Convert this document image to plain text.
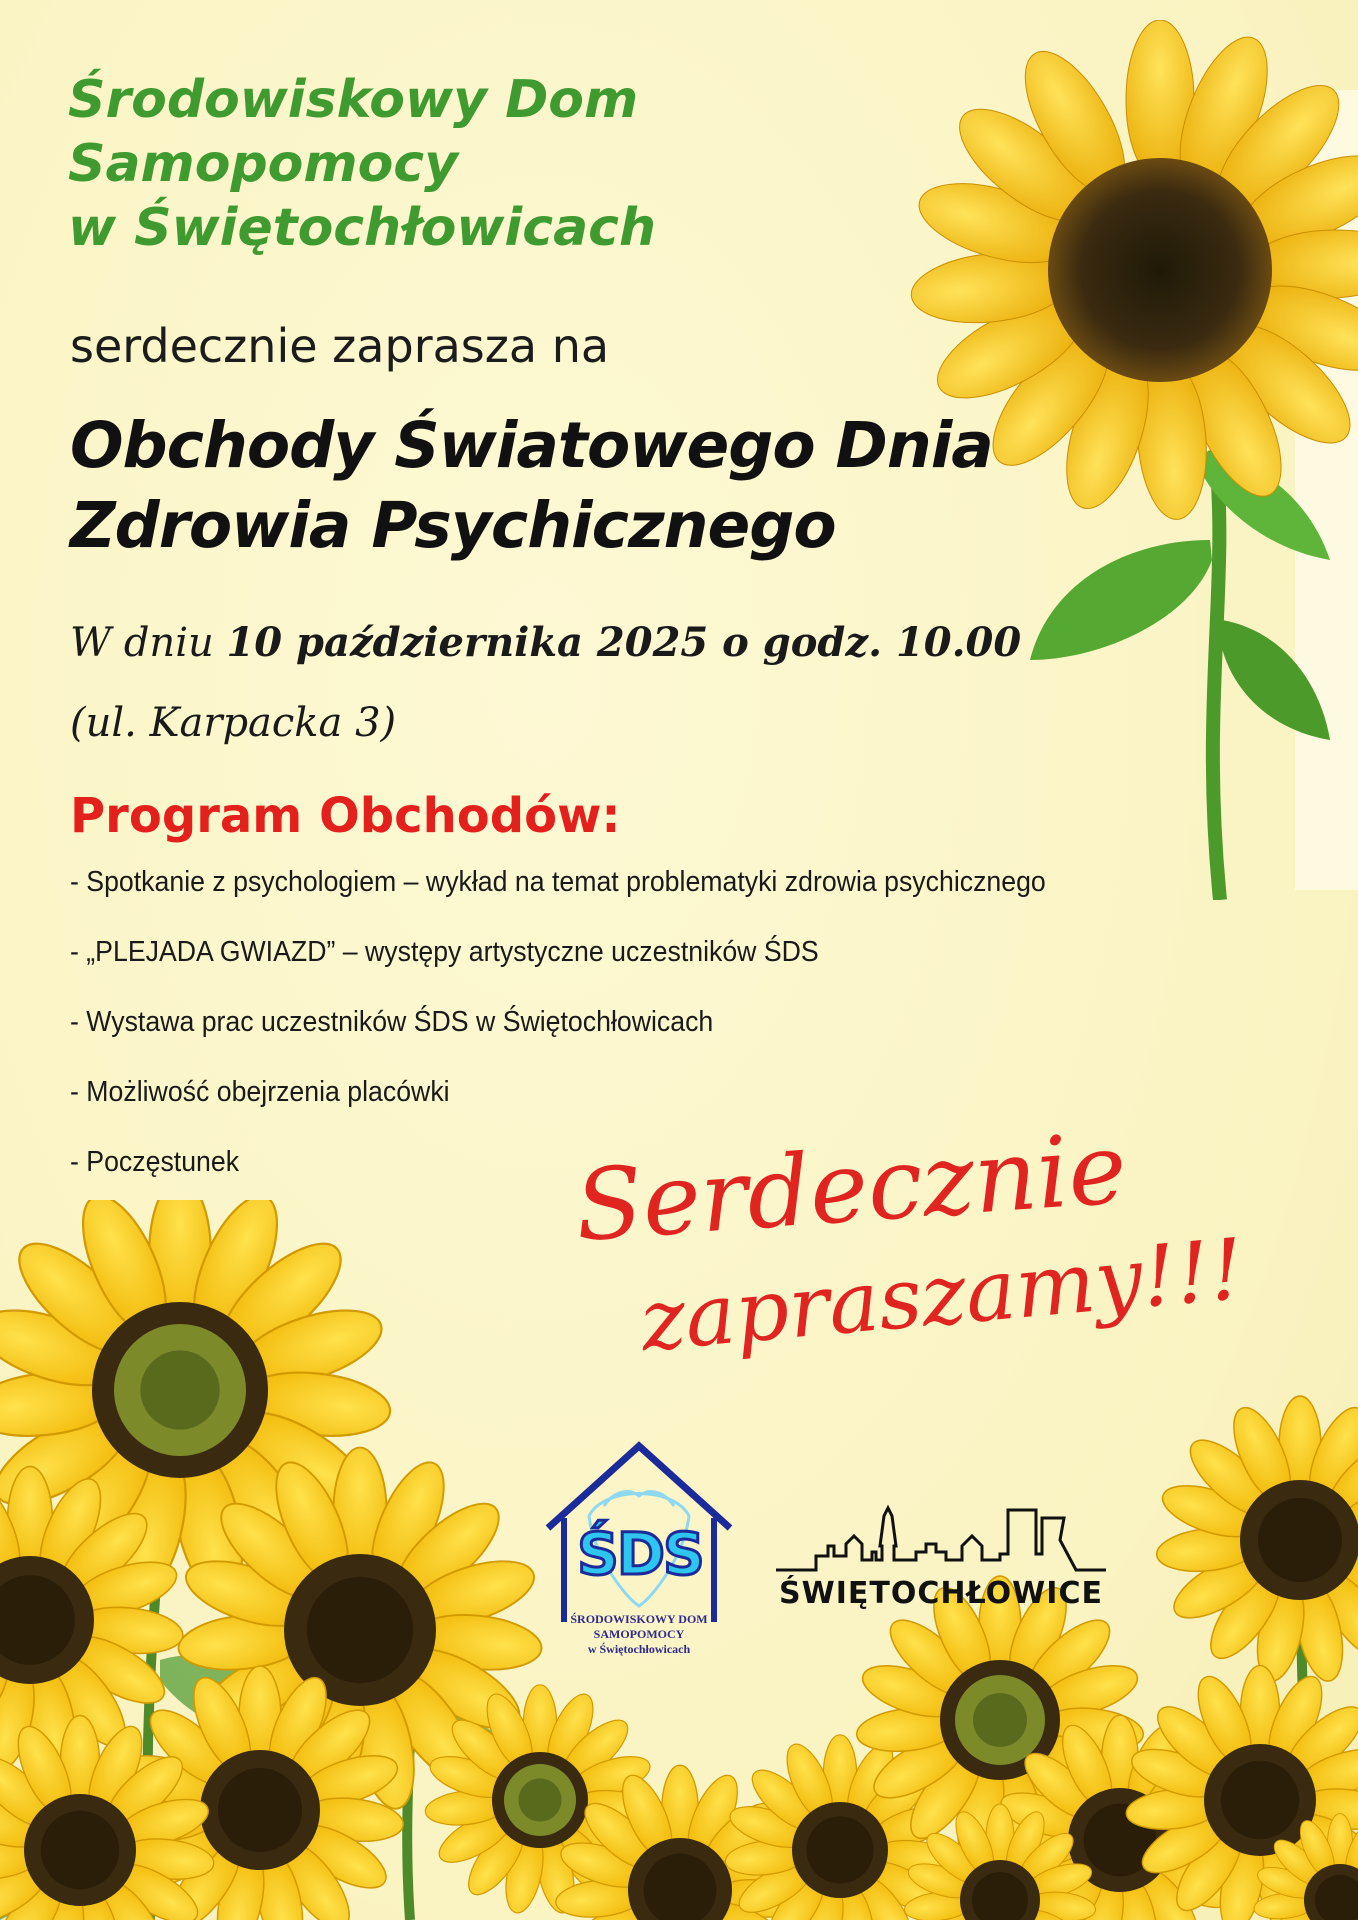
Środowiskowy Dom
Samopomocy
w Świętochłowicach

serdecznie zaprasza na

Obchody Światowego Dnia
Zdrowia Psychicznego

W dniu 10 października 2025 o godz. 10.00

(ul. Karpacka 3)

Program Obchodów:
- Spotkanie z psychologiem – wykład na temat problematyki zdrowia psychicznego
- „PLEJADA GWIAZD” – występy artystyczne uczestników ŚDS
- Wystawa prac uczestników ŚDS w Świętochłowicach
- Możliwość obejrzenia placówki
- Poczęstunek	Serdecznie

zapraszamy!!!

ŚDS
ŚRODOWISKOWY DOM SAMOPOMOCY
w Świętochłowicach
ŚWIĘTOCHŁOWICE
